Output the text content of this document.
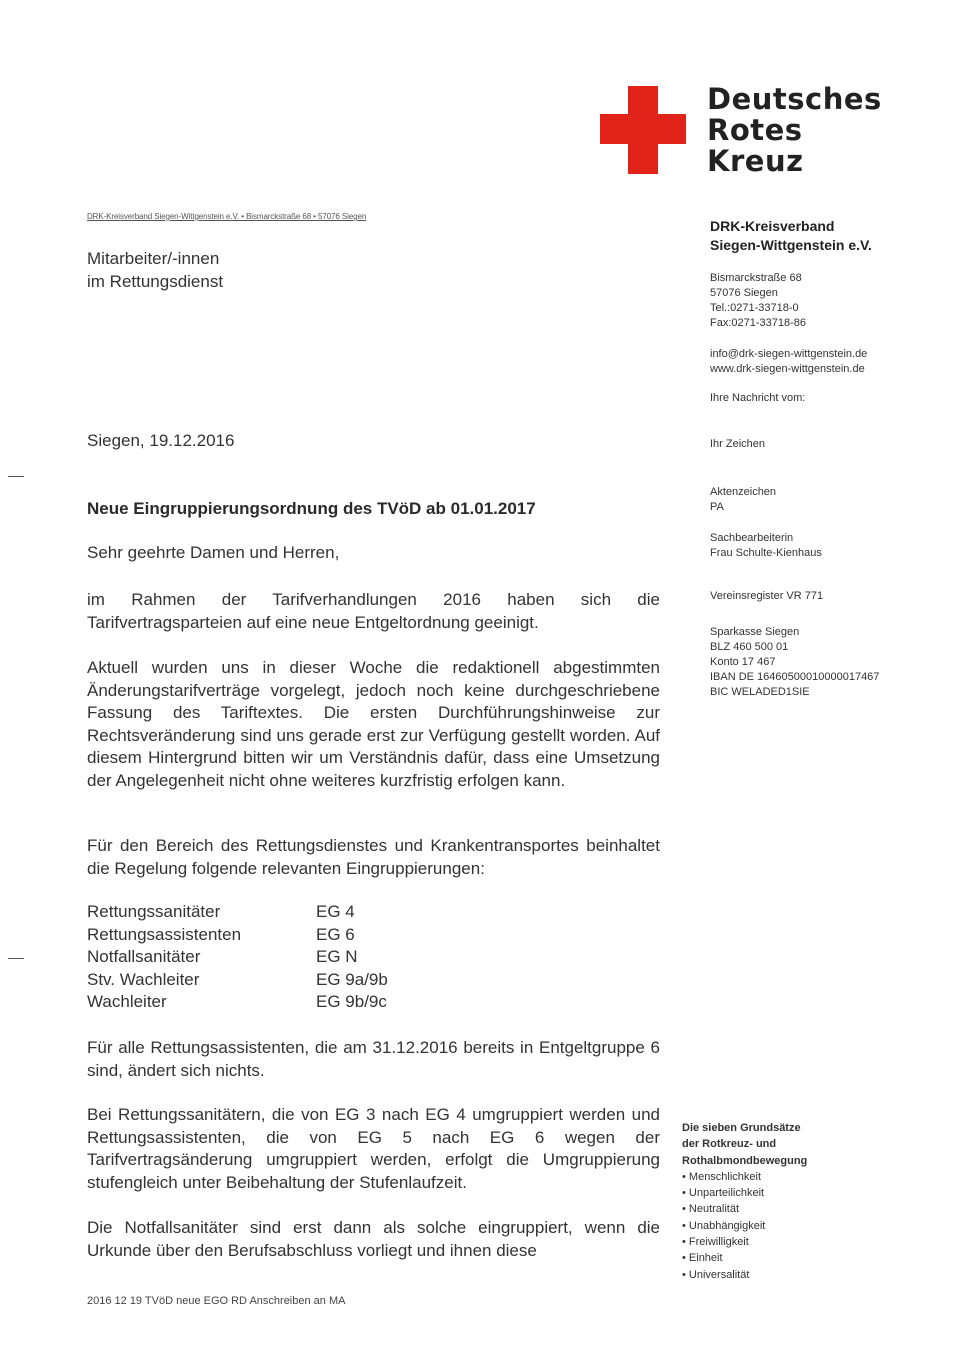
Deutsches
Rotes
Kreuz
DRK-Kreisverband Siegen-Wittgenstein e.V. • Bismarckstraße 68 • 57076 Siegen
Mitarbeiter/-innen
im Rettungsdienst
Siegen, 19.12.2016
Neue Eingruppierungsordnung des TVöD ab 01.01.2017
Sehr geehrte Damen und Herren,

im Rahmen der Tarifverhandlungen 2016 haben sich die Tarifvertragsparteien auf eine neue Entgeltordnung geeinigt.

Aktuell wurden uns in dieser Woche die redaktionell abgestimmten Änderungstarifverträge vorgelegt, jedoch noch keine durchgeschriebene Fassung des Tariftextes. Die ersten Durchführungshinweise zur Rechtsveränderung sind uns gerade erst zur Verfügung gestellt worden. Auf diesem Hintergrund bitten wir um Verständnis dafür, dass eine Umsetzung der Angelegenheit nicht ohne weiteres kurzfristig erfolgen kann.

Für den Bereich des Rettungsdienstes und Krankentransportes beinhaltet die Regelung folgende relevanten Eingruppierungen:

Rettungssanitäter	EG 4
Rettungsassistenten	EG 6
Notfallsanitäter	EG N
Stv. Wachleiter	EG 9a/9b
Wachleiter	EG 9b/9c

Für alle Rettungsassistenten, die am 31.12.2016 bereits in Entgeltgruppe 6 sind, ändert sich nichts.

Bei Rettungssanitätern, die von EG 3 nach EG 4 umgruppiert werden und Rettungsassistenten, die von EG 5 nach EG 6 wegen der Tarifvertragsänderung umgruppiert werden, erfolgt die Umgruppierung stufengleich unter Beibehaltung der Stufenlaufzeit.

Die Notfallsanitäter sind erst dann als solche eingruppiert, wenn die Urkunde über den Berufsabschluss vorliegt und ihnen diese

2016 12 19 TVöD neue EGO RD Anschreiben an MA
DRK-Kreisverband
Siegen-Wittgenstein e.V.
Bismarckstraße 68
57076 Siegen
Tel.:0271-33718-0
Fax:0271-33718-86
info@drk-siegen-wittgenstein.de
www.drk-siegen-wittgenstein.de
Ihre Nachricht vom:
Ihr Zeichen
Aktenzeichen
PA
Sachbearbeiterin
Frau Schulte-Kienhaus
Vereinsregister VR 771
Sparkasse Siegen
BLZ 460 500 01
Konto 17 467
IBAN DE 16460500010000017467
BIC WELADED1SIE
Die sieben Grundsätze
der Rotkreuz- und
Rothalbmondbewegung
• Menschlichkeit
• Unparteilichkeit
• Neutralität
• Unabhängigkeit
• Freiwilligkeit
• Einheit
• Universalität
